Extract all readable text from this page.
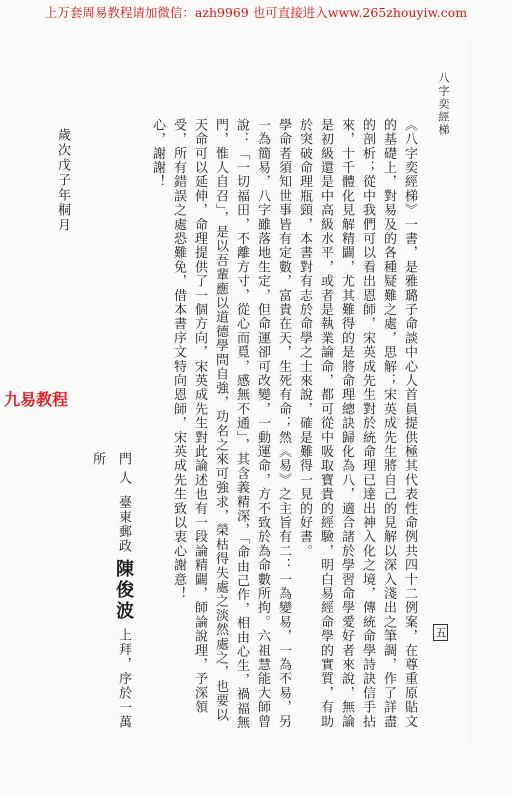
上万套周易教程请加微信：azh9969 也可直接进入www.265zhouyiw.com
八字奕經梯
五

《八字奕經梯》一書，是雅璐子命談中心人首員提供極其代表性命例共四十二例案，在尊重原貼文的基礎上，對易及的各種疑難之處，思解；宋英成先生將自己的見解以深入淺出之筆調，作了詳盡的剖析；從中我們可以看出恩師，宋英成先生對於統命理已達出神入化之境，傳統命學詩訣信手拈來，十千體化見解精闢，尤其難得的是將命理總訣歸化為八，適合諸於學習命學愛好者來說，無論是初級還是中高級水平，或者是執業論命，都可從中吸取寶貴的經驗，明白易經命學的實質，有助於突破命理瓶頸，本書對有志於命學之士來說，確是難得一見的好書。

學命者須知世事皆有定數，富貴在天，生死有命；然《易》之主旨有二：一為變易，一為不易，另一為簡易，八字雖落地生定，但命運卻可改變，一動運命，方不致於為命數所拘。六祖慧能大師曾說：「一切福田，不離方寸，從心而覓，感無不通」，其含義精深，「命由己作，相由心生，禍福無門，惟人自召」，是以吾輩應以道德學問自強，功名之來可強求，榮枯得失處之淡然處之，也要以天命可以延伸，命理提供了一個方向，宋英成先生對此論述也有一段論精闢，師論說理，予深領受，所有錯誤之處恐難免，借本書序文特向恩師，宋英成先生致以衷心謝意！

心，謝謝！

門人 臺東郵政 陳俊波 上拜，序於一萬所
歲次戊子年桐月
九易教程
